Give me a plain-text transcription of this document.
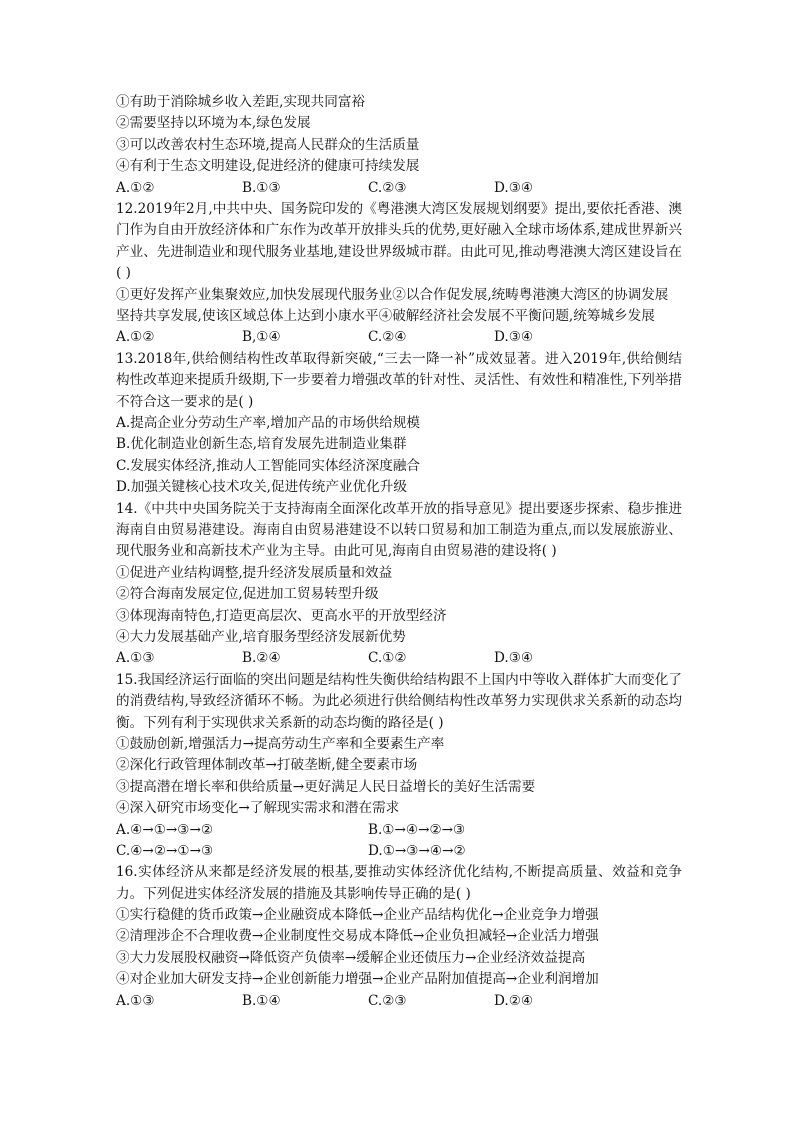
①有助于消除城乡收入差距,实现共同富裕
②需要坚持以环境为本,绿色发展
③可以改善农村生态环境,提高人民群众的生活质量
④有利于生态文明建设,促进经济的健康可持续发展
A.①②	B.①③	C.②③	D.③④
12.2019年2月,中共中央、国务院印发的《粤港澳大湾区发展规划纲要》提出,要依托香港、澳门作为自由开放经济体和广东作为改革开放排头兵的优势,更好融入全球市场体系,建成世界新兴产业、先进制造业和现代服务业基地,建设世界级城市群。由此可见,推动粤港澳大湾区建设旨在( )
①更好发挥产业集聚效应,加快发展现代服务业②以合作促发展,统畴粤港澳大湾区的协调发展
坚持共享发展,使该区域总体上达到小康水平④破解经济社会发展不平衡问题,统筹城乡发展
A.①②	B,①④	C.②④	D.③④
13.2018年,供给侧结构性改革取得新突破,“三去一降一补”成效显著。进入2019年,供给侧结构性改革迎来提质升级期,下一步要着力增强改革的针对性、灵活性、有效性和精准性,下列举措不符合这一要求的是( )
A.提高企业分劳动生产率,增加产品的市场供给规模
B.优化制造业创新生态,培育发展先进制造业集群
C.发展实体经济,推动人工智能同实体经济深度融合
D.加强关键核心技术攻关,促进传统产业优化升级
14.《中共中央国务院关于支持海南全面深化改革开放的指导意见》提出要逐步探索、稳步推进海南自由贸易港建设。海南自由贸易港建设不以转口贸易和加工制造为重点,而以发展旅游业、现代服务业和高新技术产业为主导。由此可见,海南自由贸易港的建设将( )
①促进产业结构调整,提升经济发展质量和效益
②符合海南发展定位,促进加工贸易转型升级
③体现海南特色,打造更高层次、更高水平的开放型经济
④大力发展基础产业,培育服务型经济发展新优势
A.①③	B.②④	C.①②	D.③④
15.我国经济运行面临的突出问题是结构性失衡供给结构跟不上国内中等收入群体扩大而变化了的消费结构,导致经济循环不畅。为此必须进行供给侧结构性改革努力实现供求关系新的动态均衡。下列有利于实现供求关系新的动态均衡的路径是( )
①鼓励创新,增强活力→提高劳动生产率和全要素生产率
②深化行政管理体制改革→打破垄断,健全要素市场
③提高潜在增长率和供给质量→更好满足人民日益增长的美好生活需要
④深入研究市场变化→了解现实需求和潜在需求
A.④→①→③→②	B.①→④→②→③
C.④→②→①→③	D.①→③→④→②
16.实体经济从来都是经济发展的根基,要推动实体经济优化结构,不断提高质量、效益和竞争力。下列促进实体经济发展的措施及其影响传导正确的是( )
①实行稳健的货币政策→企业融资成本降低→企业产品结构优化→企业竞争力增强
②清理涉企不合理收费→企业制度性交易成本降低→企业负担减轻→企业活力增强
③大力发展股权融资→降低资产负债率→缓解企业还债压力→企业经济效益提高
④对企业加大研发支持→企业创新能力增强→企业产品附加值提高→企业利润增加
A.①③	B.①④	C.②③	D.②④
